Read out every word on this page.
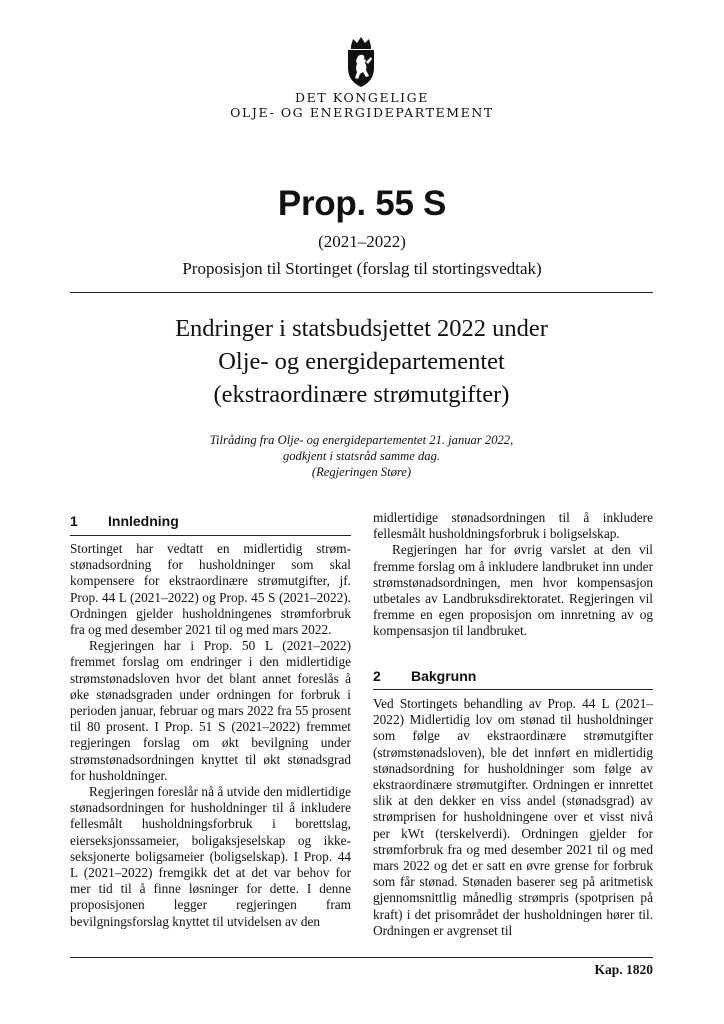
DET KONGELIGE
OLJE- OG ENERGIDEPARTEMENT
Prop. 55 S
(2021–2022)
Proposisjon til Stortinget (forslag til stortingsvedtak)
Endringer i statsbudsjettet 2022 under
Olje- og energidepartementet
(ekstraordinære strømutgifter)
Tilråding fra Olje- og energidepartementet 21. januar 2022,
godkjent i statsråd samme dag.
(Regjeringen Støre)
1 Innledning

Stortinget har vedtatt en midlertidig strømstønadsordning for husholdninger som skal kompensere for ekstraordinære strømutgifter, jf. Prop. 44 L (2021–2022) og Prop. 45 S (2021–2022). Ordningen gjelder husholdningenes strømforbruk fra og med desember 2021 til og med mars 2022.

Regjeringen har i Prop. 50 L (2021–2022) fremmet forslag om endringer i den midlertidige strømstønadsloven hvor det blant annet foreslås å øke stønadsgraden under ordningen for forbruk i perioden januar, februar og mars 2022 fra 55 prosent til 80 prosent. I Prop. 51 S (2021–2022) fremmet regjeringen forslag om økt bevilgning under strømstønadsordningen knyttet til økt stønadsgrad for husholdninger.

Regjeringen foreslår nå å utvide den midlertidige stønadsordningen for husholdninger til å inkludere fellesmålt husholdningsforbruk i borettslag, eierseksjonssameier, boligaksjeselskap og ikke-seksjonerte boligsameier (boligselskap). I Prop. 44 L (2021–2022) fremgikk det at det var behov for mer tid til å finne løsninger for dette. I denne proposisjonen legger regjeringen fram bevilgningsforslag knyttet til utvidelsen av den

midlertidige stønadsordningen til å inkludere fellesmålt husholdningsforbruk i boligselskap.

Regjeringen har for øvrig varslet at den vil fremme forslag om å inkludere landbruket inn under strømstønadsordningen, men hvor kompensasjon utbetales av Landbruksdirektoratet. Regjeringen vil fremme en egen proposisjon om innretning av og kompensasjon til landbruket.

2 Bakgrunn

Ved Stortingets behandling av Prop. 44 L (2021–2022) Midlertidig lov om stønad til husholdninger som følge av ekstraordinære strømutgifter (strømstønadsloven), ble det innført en midlertidig stønadsordning for husholdninger som følge av ekstraordinære strømutgifter. Ordningen er innrettet slik at den dekker en viss andel (stønadsgrad) av strømprisen for husholdningene over et visst nivå per kWt (terskelverdi). Ordningen gjelder for strømforbruk fra og med desember 2021 til og med mars 2022 og det er satt en øvre grense for forbruk som får stønad. Stønaden baserer seg på aritmetisk gjennomsnittlig månedlig strømpris (spotprisen på kraft) i det prisområdet der husholdningen hører til. Ordningen er avgrenset til

Kap. 1820
